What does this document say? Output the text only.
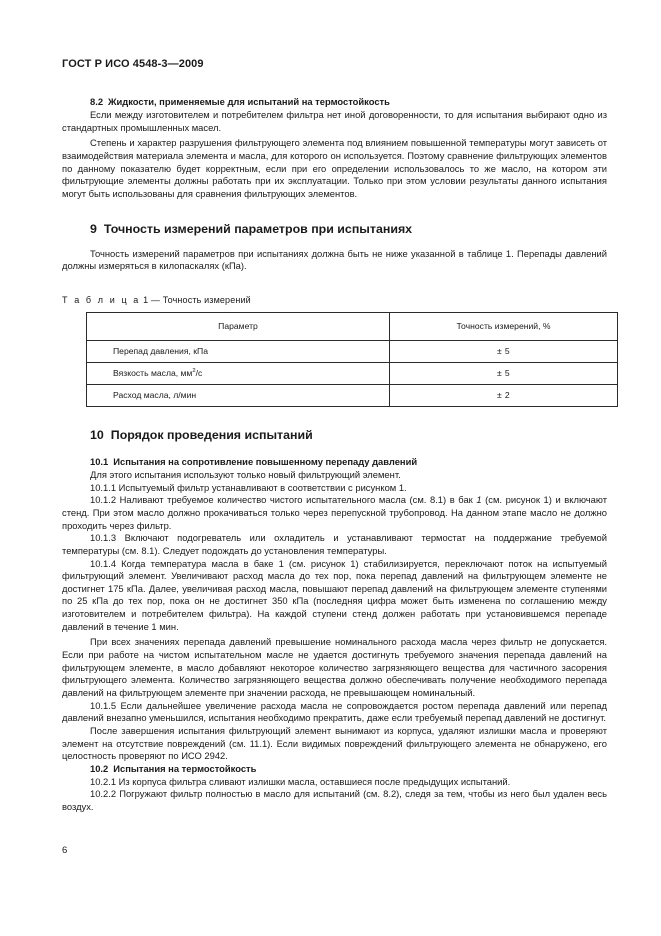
ГОСТ Р ИСО 4548-3—2009
8.2 Жидкости, применяемые для испытаний на термостойкость

Если между изготовителем и потребителем фильтра нет иной договоренности, то для испытания выбирают одно из стандартных промышленных масел.

Степень и характер разрушения фильтрующего элемента под влиянием повышенной температуры могут зависеть от взаимодействия материала элемента и масла, для которого он используется. Поэтому сравнение фильтрующих элементов по данному показателю будет корректным, если при его определении использовалось то же масло, на котором эти фильтрующие элементы должны работать при их эксплуатации. Только при этом условии результаты данного испытания могут быть использованы для сравнения фильтрующих элементов.

9 Точность измерений параметров при испытаниях

Точность измерений параметров при испытаниях должна быть не ниже указанной в таблице 1. Перепады давлений должны измеряться в килопаскалях (кПа).

Т а б л и ц а 1 — Точность измерений
Параметр	Точность измерений, %
Перепад давления, кПа	± 5
Вязкость масла, $мм^2/с$	± 5
Расход масла, л/мин	± 2
10 Порядок проведения испытаний
10.1 Испытания на сопротивление повышенному перепаду давлений

Для этого испытания используют только новый фильтрующий элемент.

10.1.1 Испытуемый фильтр устанавливают в соответствии с рисунком 1.

10.1.2 Наливают требуемое количество чистого испытательного масла (см. 8.1) в бак 1 (см. рисунок 1) и включают стенд. При этом масло должно прокачиваться только через перепускной трубопровод. На данном этапе масло не должно проходить через фильтр.

10.1.3 Включают подогреватель или охладитель и устанавливают термостат на поддержание требуемой температуры (см. 8.1). Следует подождать до установления температуры.

10.1.4 Когда температура масла в баке 1 (см. рисунок 1) стабилизируется, переключают поток на испытуемый фильтрующий элемент. Увеличивают расход масла до тех пор, пока перепад давлений на фильтрующем элементе не достигнет 175 кПа. Далее, увеличивая расход масла, повышают перепад давлений на фильтрующем элементе ступенями по 25 кПа до тех пор, пока он не достигнет 350 кПа (последняя цифра может быть изменена по соглашению между изготовителем и потребителем фильтра). На каждой ступени стенд должен работать при установившемся перепаде давлений в течение 1 мин.

При всех значениях перепада давлений превышение номинального расхода масла через фильтр не допускается. Если при работе на чистом испытательном масле не удается достигнуть требуемого значения перепада давлений на фильтрующем элементе, в масло добавляют некоторое количество загрязняющего вещества для частичного засорения фильтрующего элемента. Количество загрязняющего вещества должно обеспечивать получение необходимого перепада давлений на фильтрующем элементе при значении расхода, не превышающем номинальный.

10.1.5 Если дальнейшее увеличение расхода масла не сопровождается ростом перепада давлений или перепад давлений внезапно уменьшился, испытания необходимо прекратить, даже если требуемый перепад давлений не достигнут.

После завершения испытания фильтрующий элемент вынимают из корпуса, удаляют излишки масла и проверяют элемент на отсутствие повреждений (см. 11.1). Если видимых повреждений фильтрующего элемента не обнаружено, его целостность проверяют по ИСО 2942.

10.2 Испытания на термостойкость

10.2.1 Из корпуса фильтра сливают излишки масла, оставшиеся после предыдущих испытаний.

10.2.2 Погружают фильтр полностью в масло для испытаний (см. 8.2), следя за тем, чтобы из него был удален весь воздух.

6
